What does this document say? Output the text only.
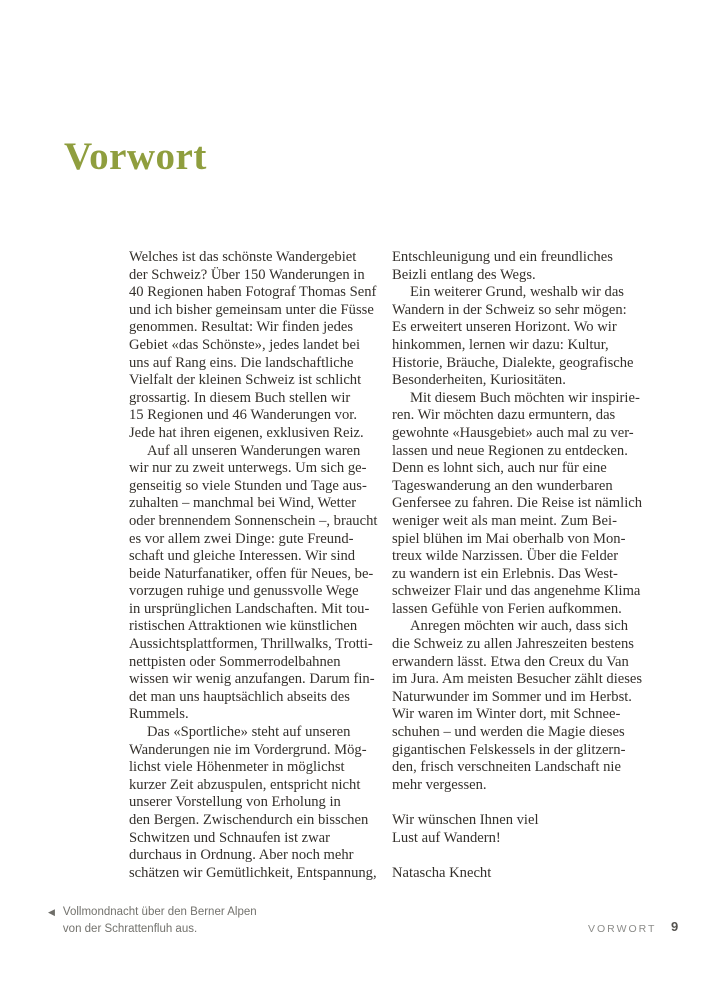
Vorwort
Welches ist das schönste Wandergebiet
der Schweiz? Über 150 Wanderungen in
40 Regionen haben Fotograf Thomas Senf
und ich bisher gemeinsam unter die Füsse
genommen. Resultat: Wir finden jedes
Gebiet «das Schönste», jedes landet bei
uns auf Rang eins. Die landschaftliche
Vielfalt der kleinen Schweiz ist schlicht
grossartig. In diesem Buch stellen wir
15 Regionen und 46 Wanderungen vor.
Jede hat ihren eigenen, exklusiven Reiz.
Auf all unseren Wanderungen waren
wir nur zu zweit unterwegs. Um sich ge-
genseitig so viele Stunden und Tage aus-
zuhalten – manchmal bei Wind, Wetter
oder brennendem Sonnenschein –, braucht
es vor allem zwei Dinge: gute Freund-
schaft und gleiche Interessen. Wir sind
beide Naturfanatiker, offen für Neues, be-
vorzugen ruhige und genussvolle Wege
in ursprünglichen Landschaften. Mit tou-
ristischen Attraktionen wie künstlichen
Aussichtsplattformen, Thrillwalks, Trotti-
nettpisten oder Sommerrodelbahnen
wissen wir wenig anzufangen. Darum fin-
det man uns hauptsächlich abseits des
Rummels.
Das «Sportliche» steht auf unseren
Wanderungen nie im Vordergrund. Mög-
lichst viele Höhenmeter in möglichst
kurzer Zeit abzuspulen, entspricht nicht
unserer Vorstellung von Erholung in
den Bergen. Zwischendurch ein bisschen
Schwitzen und Schnaufen ist zwar
durchaus in Ordnung. Aber noch mehr
schätzen wir Gemütlichkeit, Entspannung,
Entschleunigung und ein freundliches
Beizli entlang des Wegs.
Ein weiterer Grund, weshalb wir das
Wandern in der Schweiz so sehr mögen:
Es erweitert unseren Horizont. Wo wir
hinkommen, lernen wir dazu: Kultur,
Historie, Bräuche, Dialekte, geografische
Besonderheiten, Kuriositäten.
Mit diesem Buch möchten wir inspirie-
ren. Wir möchten dazu ermuntern, das
gewohnte «Hausgebiet» auch mal zu ver-
lassen und neue Regionen zu entdecken.
Denn es lohnt sich, auch nur für eine
Tageswanderung an den wunderbaren
Genfersee zu fahren. Die Reise ist nämlich
weniger weit als man meint. Zum Bei-
spiel blühen im Mai oberhalb von Mon-
treux wilde Narzissen. Über die Felder
zu wandern ist ein Erlebnis. Das West-
schweizer Flair und das angenehme Klima
lassen Gefühle von Ferien aufkommen.
Anregen möchten wir auch, dass sich
die Schweiz zu allen Jahreszeiten bestens
erwandern lässt. Etwa den Creux du Van
im Jura. Am meisten Besucher zählt dieses
Naturwunder im Sommer und im Herbst.
Wir waren im Winter dort, mit Schnee-
schuhen – und werden die Magie dieses
gigantischen Felskessels in der glitzern-
den, frisch verschneiten Landschaft nie
mehr vergessen.

Wir wünschen Ihnen viel
Lust auf Wandern!

Natascha Knecht
◀ Vollmondnacht über den Berner Alpen
von der Schrattenfluh aus.	VORWORT 9
